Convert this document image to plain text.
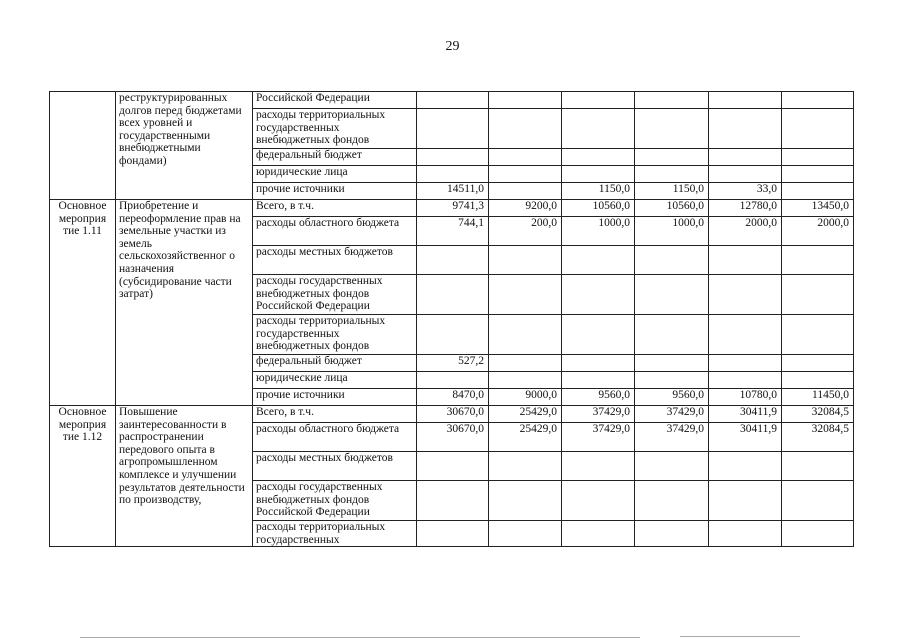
29
	реструктурированных долгов перед бюджетами всех уровней и государственными внебюджетными фондами)	Российской Федерации						
		расходы территориальных государственных внебюджетных фондов						
		федеральный бюджет						
		юридические лица						
		прочие источники	14511,0		1150,0	1150,0	33,0	
Основное мероприя тие 1.11	Приобретение и переоформление прав на земельные участки из земель сельскохозяйственног о назначения (субсидирование части затрат)	Всего, в т.ч.	9741,3	9200,0	10560,0	10560,0	12780,0	13450,0
		расходы областного бюджета	744,1	200,0	1000,0	1000,0	2000,0	2000,0
		расходы местных бюджетов						
		расходы государственных внебюджетных фондов Российской Федерации						
		расходы территориальных государственных внебюджетных фондов						
		федеральный бюджет	527,2					
		юридические лица						
		прочие источники	8470,0	9000,0	9560,0	9560,0	10780,0	11450,0
Основное мероприя тие 1.12	Повышение заинтересованности в распространении передового опыта в агропромышленном комплексе и улучшении результатов деятельности по производству,	Всего, в т.ч.	30670,0	25429,0	37429,0	37429,0	30411,9	32084,5
		расходы областного бюджета	30670,0	25429,0	37429,0	37429,0	30411,9	32084,5
		расходы местных бюджетов						
		расходы государственных внебюджетных фондов Российской Федерации						
		расходы территориальных государственных						
